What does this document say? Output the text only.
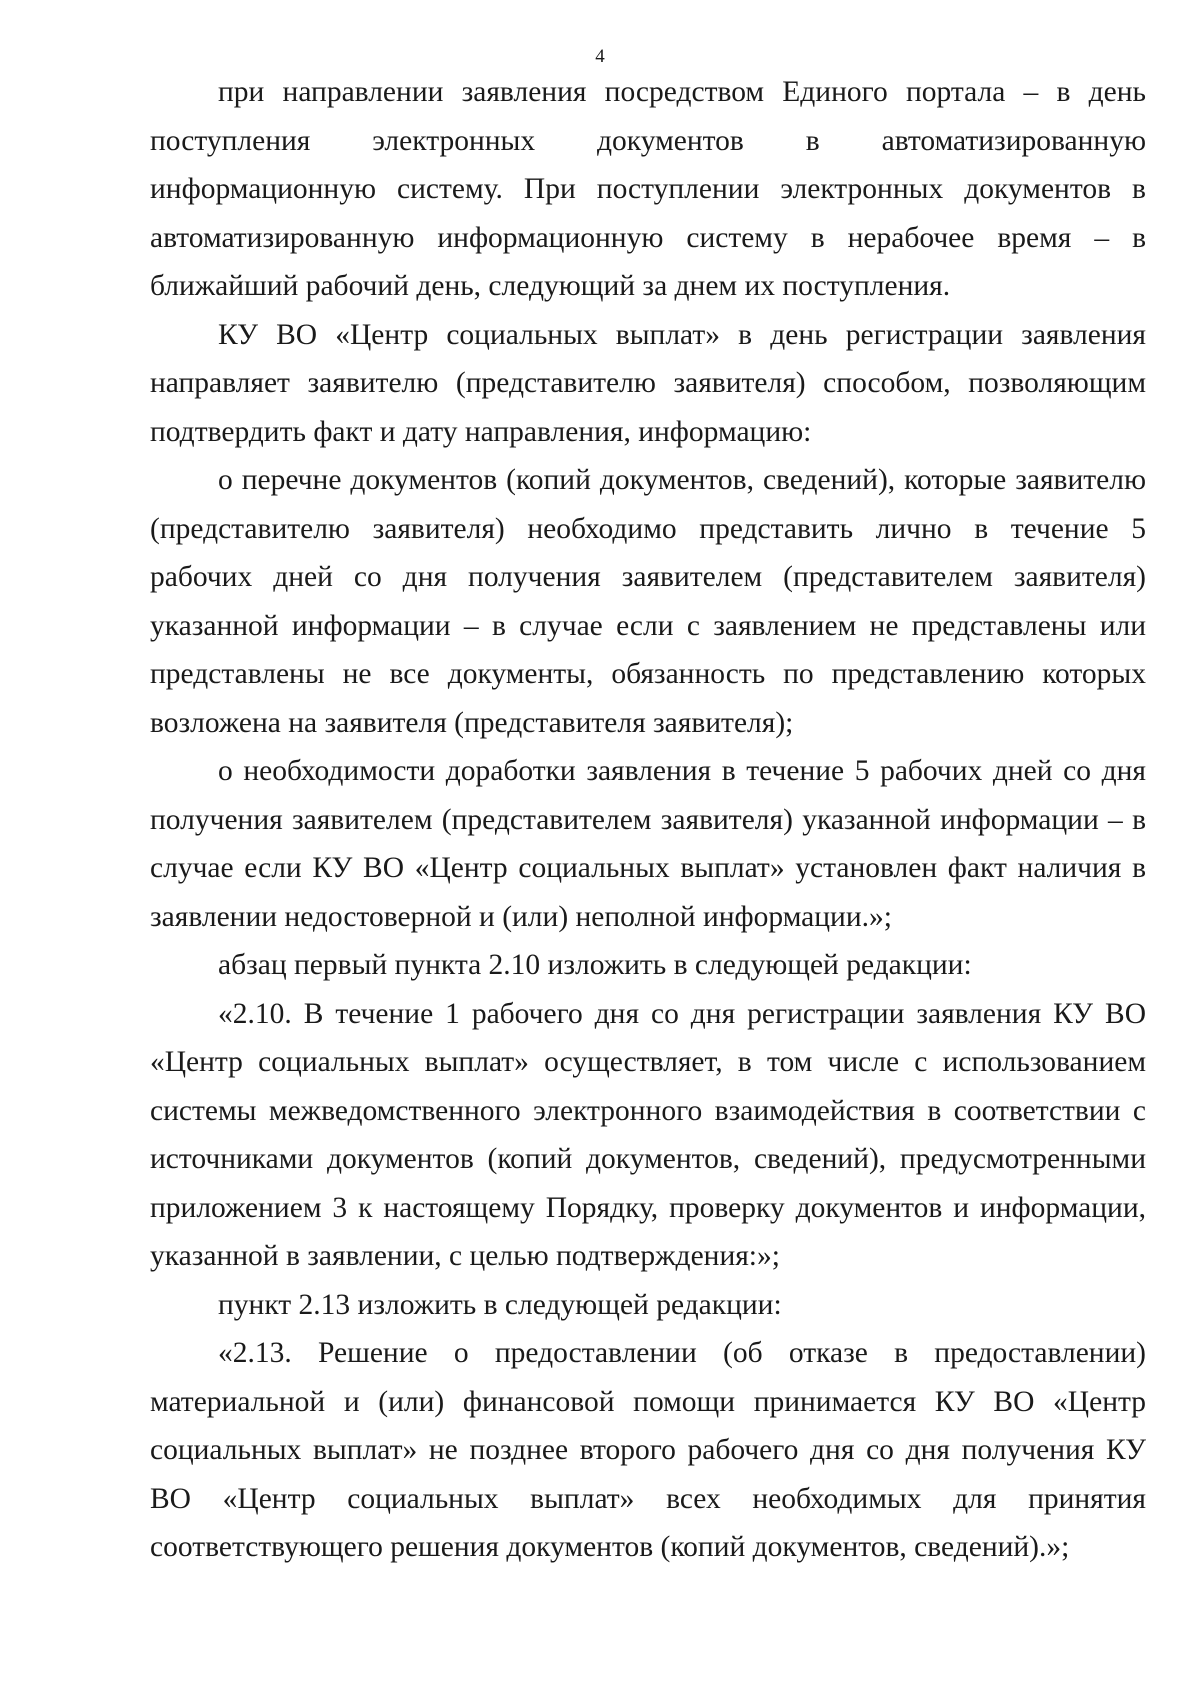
4

при направлении заявления посредством Единого портала – в день поступления электронных документов в автоматизированную информационную систему. При поступлении электронных документов в автоматизированную информационную систему в нерабочее время – в ближайший рабочий день, следующий за днем их поступления.

КУ ВО «Центр социальных выплат» в день регистрации заявления направляет заявителю (представителю заявителя) способом, позволяющим подтвердить факт и дату направления, информацию:

о перечне документов (копий документов, сведений), которые заявителю (представителю заявителя) необходимо представить лично в течение 5 рабочих дней со дня получения заявителем (представителем заявителя) указанной информации – в случае если с заявлением не представлены или представлены не все документы, обязанность по представлению которых возложена на заявителя (представителя заявителя);

о необходимости доработки заявления в течение 5 рабочих дней со дня получения заявителем (представителем заявителя) указанной информации – в случае если КУ ВО «Центр социальных выплат» установлен факт наличия в заявлении недостоверной и (или) неполной информации.»;

абзац первый пункта 2.10 изложить в следующей редакции:

«2.10. В течение 1 рабочего дня со дня регистрации заявления КУ ВО «Центр социальных выплат» осуществляет, в том числе с использованием системы межведомственного электронного взаимодействия в соответствии с источниками документов (копий документов, сведений), предусмотренными приложением 3 к настоящему Порядку, проверку документов и информации, указанной в заявлении, с целью подтверждения:»;

пункт 2.13 изложить в следующей редакции:

«2.13. Решение о предоставлении (об отказе в предоставлении) материальной и (или) финансовой помощи принимается КУ ВО «Центр социальных выплат» не позднее второго рабочего дня со дня получения КУ ВО «Центр социальных выплат» всех необходимых для принятия соответствующего решения документов (копий документов, сведений).»;
